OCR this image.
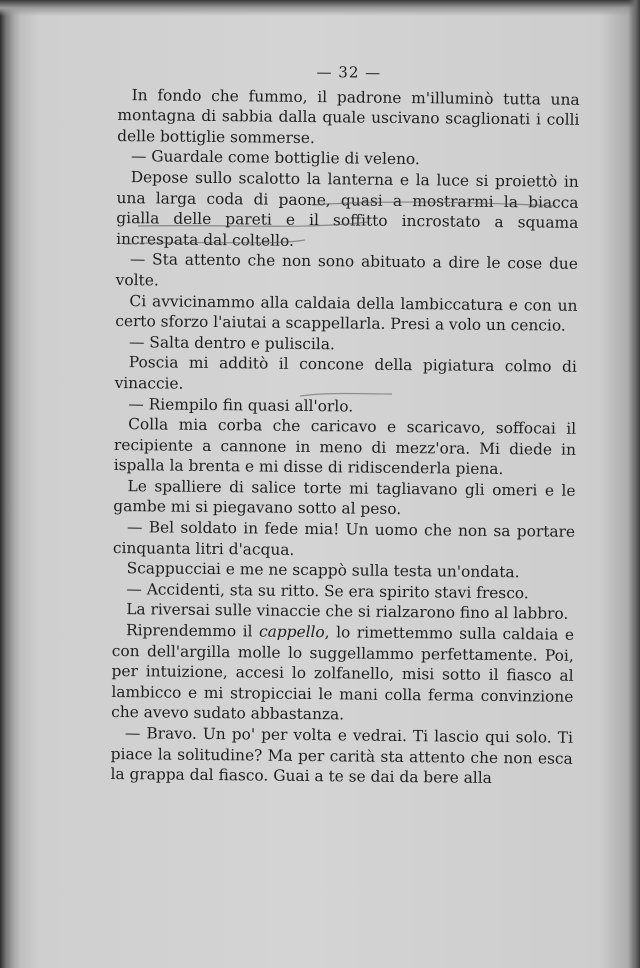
— 32 —

In fondo che fummo, il padrone m'illuminò tutta una montagna di sabbia dalla quale uscivano scaglionati i colli delle bottiglie sommerse.

— Guardale come bottiglie di veleno.

Depose sullo scalotto la lanterna e la luce si proiettò in una larga coda di paone, quasi a mostrarmi la biacca gialla delle pareti e il soffitto incrostato a squama increspata dal coltello.

— Sta attento che non sono abituato a dire le cose due volte.

Ci avvicinammo alla caldaia della lambiccatura e con un certo sforzo l'aiutai a scappellarla. Presi a volo un cencio.

— Salta dentro e puliscila.

Poscia mi additò il concone della pigiatura colmo di vinaccie.

— Riempilo fin quasi all'orlo.

Colla mia corba che caricavo e scaricavo, soffocai il recipiente a cannone in meno di mezz'ora. Mi diede in ispalla la brenta e mi disse di ridiscenderla piena.

Le spalliere di salice torte mi tagliavano gli omeri e le gambe mi si piegavano sotto al peso.

— Bel soldato in fede mia! Un uomo che non sa portare cinquanta litri d'acqua.

Scappucciai e me ne scappò sulla testa un'ondata.

— Accidenti, sta su ritto. Se era spirito stavi fresco.

La riversai sulle vinaccie che si rialzarono fino al labbro.

Riprendemmo il cappello, lo rimettemmo sulla caldaia e con dell'argilla molle lo suggellammo perfettamente. Poi, per intuizione, accesi lo zolfanello, misi sotto il fiasco al lambicco e mi stropicciai le mani colla ferma convinzione che avevo sudato abbastanza.

— Bravo. Un po' per volta e vedrai. Ti lascio qui solo. Ti piace la solitudine? Ma per carità sta attento che non esca la grappa dal fiasco. Guai a te se dai da bere alla
